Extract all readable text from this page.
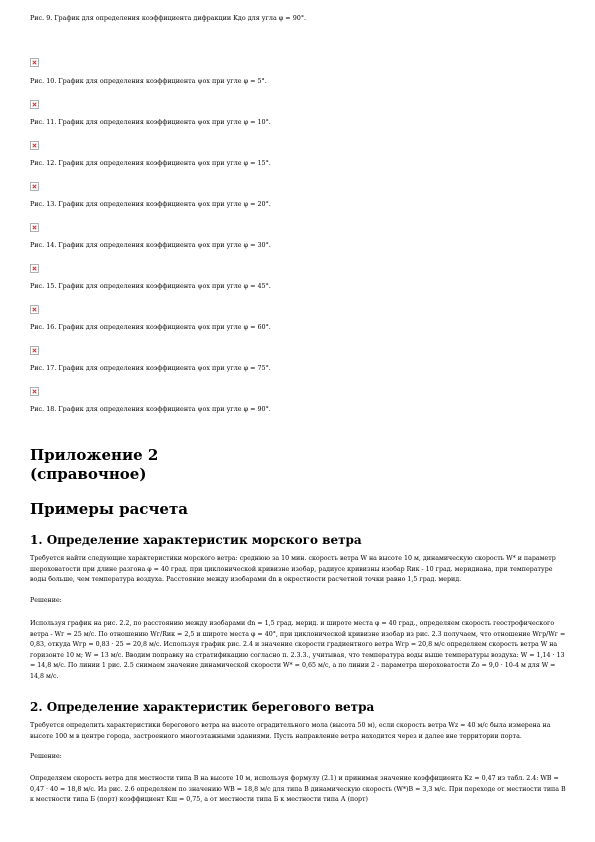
Рис. 9. График для определения коэффициента дифракции Kдо для угла φ = 90°.

Рис. 10. График для определения коэффициента ψох при угле φ = 5°.

Рис. 11. График для определения коэффициента ψох при угле φ = 10°.

Рис. 12. График для определения коэффициента ψох при угле φ = 15°.

Рис. 13. График для определения коэффициента ψох при угле φ = 20°.

Рис. 14. График для определения коэффициента ψох при угле φ = 30°.

Рис. 15. График для определения коэффициента ψох при угле φ = 45°.

Рис. 16. График для определения коэффициента ψох при угле φ = 60°.

Рис. 17. График для определения коэффициента ψох при угле φ = 75°.

Рис. 18. График для определения коэффициента ψох при угле φ = 90°.

Приложение 2
(справочное)
Примеры расчета
1. Определение характеристик морского ветра

Требуется найти следующие характеристики морского ветра: среднюю за 10 мин. скорость ветра W на высоте 10 м, динамическую скорость W* и параметр шероховатости при длине разгона φ = 40 град. при циклонической кривизне изобар, радиусе кривизны изобар Rик - 10 град. меридиана, при температуре воды больше, чем температура воздуха. Расстояние между изобарами dn в окрестности расчетной точки равно 1,5 град. мерид.

Решение:

Используя график на рис. 2.2, по расстоянию между изобарами dn = 1,5 град. мерид. и широте места φ = 40 град., определяем скорость геострофического ветра - Wг = 25 м/с. По отношению Wг/Rик = 2,5 и широте места φ = 40°, при циклонической кривизне изобар из рис. 2.3 получаем, что отношение Wгр/Wг = 0,83, откуда Wгр = 0,83 · 25 = 20,8 м/с. Используя график рис. 2.4 и значение скорости градиентного ветра Wгр = 20,8 м/с определяем скорость ветра W на горизонте 10 м; W = 13 м/с. Вводим поправку на стратификацию согласно п. 2.3.3., учитывая, что температура воды выше температуры воздуха: W = 1,14 · 13 = 14,8 м/с. По линии 1 рис. 2.5 снимаем значение динамической скорости W* = 0,65 м/с, а по линии 2 - параметра шероховатости Zо = 9,0 · 10-4 м для W = 14,8 м/с.

2. Определение характеристик берегового ветра

Требуется определить характеристики берегового ветра на высоте оградительного мола (высота 50 м), если скорость ветра Wz = 40 м/с была измерена на высоте 100 м в центре города, застроенного многоэтажными зданиями. Пусть направление ветра находится через и далее вне территории порта.

Решение:

Определяем скорость ветра для местности типа В на высоте 10 м, используя формулу (2.1) и принимая значение коэффициента Kz = 0,47 из табл. 2.4: WВ = 0,47 · 40 = 18,8 м/с. Из рис. 2.6 определяем по значению WВ = 18,8 м/с для типа В динамическую скорость (W*)В = 3,3 м/с. При переходе от местности типа В к местности типа Б (порт) коэффициент Kш = 0,75, а от местности типа Б к местности типа А (порт)
